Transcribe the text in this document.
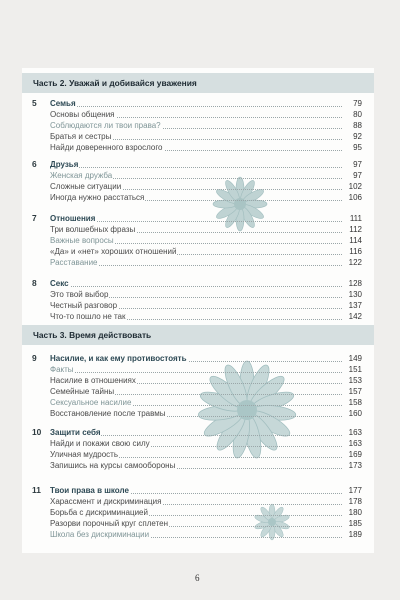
Часть 2. Уважай и добивайся уважения
5 Семья	79
Основы общения	80
Соблюдаются ли твои права?	88
Братья и сестры	92
Найди доверенного взрослого	95
6 Друзья	97
Женская дружба	97
Сложные ситуации	102
Иногда нужно расстаться	106
7 Отношения	111
Три волшебных фразы	112
Важные вопросы	114
«Да» и «нет» хороших отношений	116
Расставание	122
8 Секс	128
Это твой выбор	130
Честный разговор	137
Что-то пошло не так	142
Часть 3. Время действовать
9 Насилие, и как ему противостоять	149
Факты	151
Насилие в отношениях	153
Семейные тайны	157
Сексуальное насилие	158
Восстановление после травмы	160
10 Защити себя	163
Найди и покажи свою силу	163
Уличная мудрость	169
Запишись на курсы самообороны	173
11 Твои права в школе	177
Харассмент и дискриминация	178
Борьба с дискриминацией	180
Разорви порочный круг сплетен	185
Школа без дискриминации	189
6
